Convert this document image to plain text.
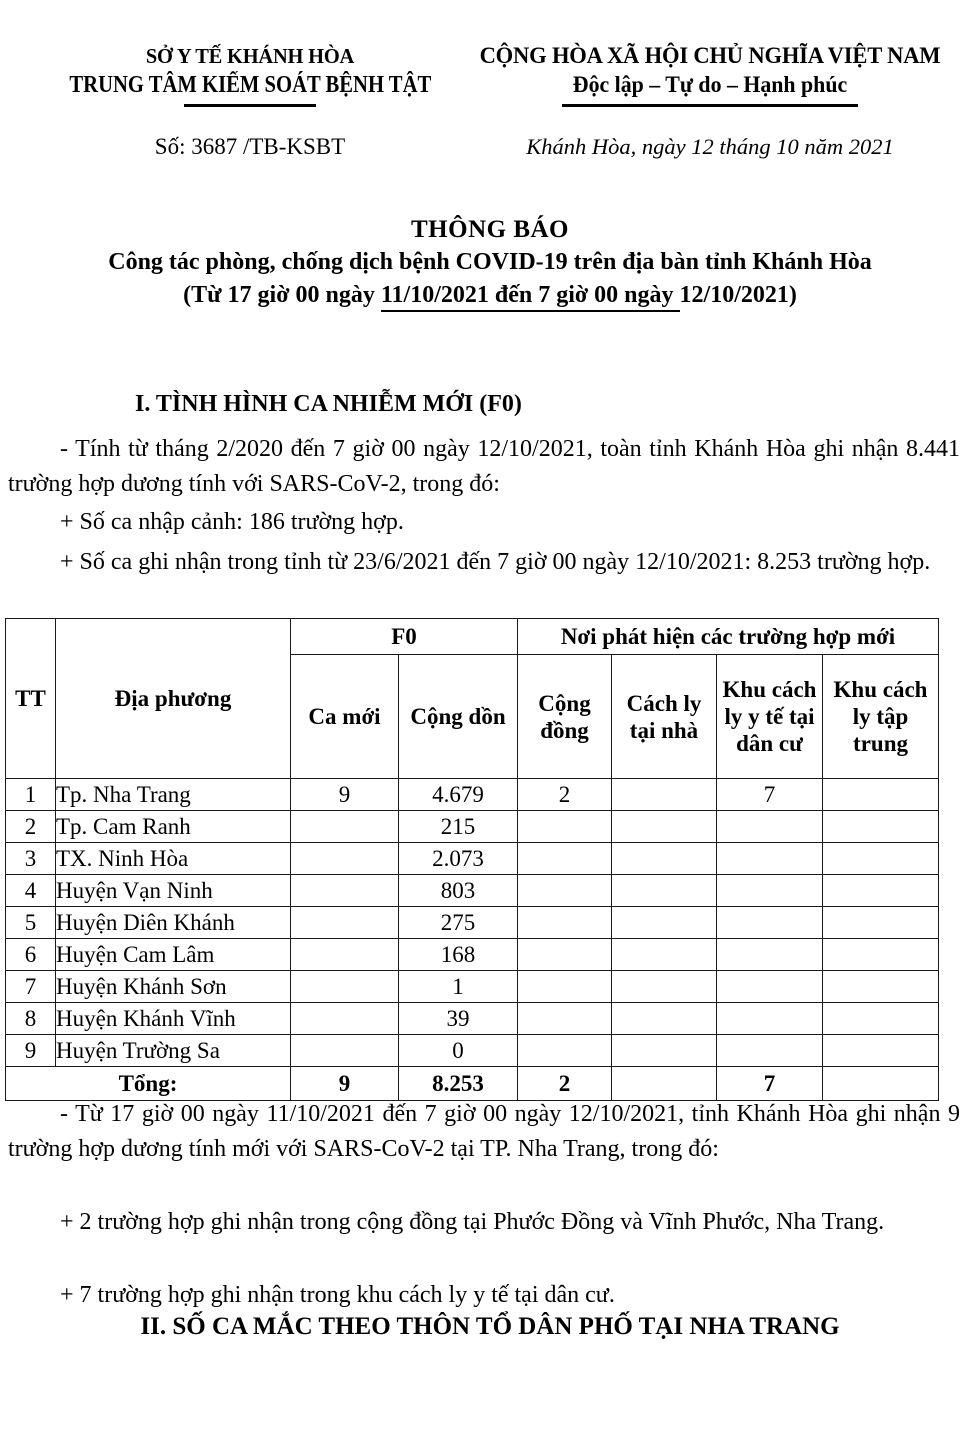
SỞ Y TẾ KHÁNH HÒA
TRUNG TÂM KIỂM SOÁT BỆNH TẬT
CỘNG HÒA XÃ HỘI CHỦ NGHĨA VIỆT NAM
Độc lập – Tự do – Hạnh phúc
Số: 3687 /TB-KSBT	Khánh Hòa, ngày 12 tháng 10 năm 2021
THÔNG BÁO
Công tác phòng, chống dịch bệnh COVID-19 trên địa bàn tỉnh Khánh Hòa
(Từ 17 giờ 00 ngày 11/10/2021 đến 7 giờ 00 ngày 12/10/2021)
I. TÌNH HÌNH CA NHIỄM MỚI (F0)
- Tính từ tháng 2/2020 đến 7 giờ 00 ngày 12/10/2021, toàn tỉnh Khánh Hòa ghi nhận 8.441 trường hợp dương tính với SARS-CoV-2, trong đó:
+ Số ca nhập cảnh: 186 trường hợp.
+ Số ca ghi nhận trong tỉnh từ 23/6/2021 đến 7 giờ 00 ngày 12/10/2021: 8.253 trường hợp.
TT	Địa phương	F0		Nơi phát hiện các trường hợp mới			
		Ca mới	Cộng dồn	Cộng đồng	Cách ly tại nhà	Khu cách ly y tế tại dân cư	Khu cách ly tập trung
1	Tp. Nha Trang	9	4.679	2		7	
2	Tp. Cam Ranh		215				
3	TX. Ninh Hòa		2.073				
4	Huyện Vạn Ninh		803				
5	Huyện Diên Khánh		275				
6	Huyện Cam Lâm		168				
7	Huyện Khánh Sơn		1				
8	Huyện Khánh Vĩnh		39				
9	Huyện Trường Sa		0				
Tổng:		9	8.253	2		7	
- Từ 17 giờ 00 ngày 11/10/2021 đến 7 giờ 00 ngày 12/10/2021, tỉnh Khánh Hòa ghi nhận 9 trường hợp dương tính mới với SARS-CoV-2 tại TP. Nha Trang, trong đó:
+ 2 trường hợp ghi nhận trong cộng đồng tại Phước Đồng và Vĩnh Phước, Nha Trang.
+ 7 trường hợp ghi nhận trong khu cách ly y tế tại dân cư.
II. SỐ CA MẮC THEO THÔN TỔ DÂN PHỐ TẠI NHA TRANG
